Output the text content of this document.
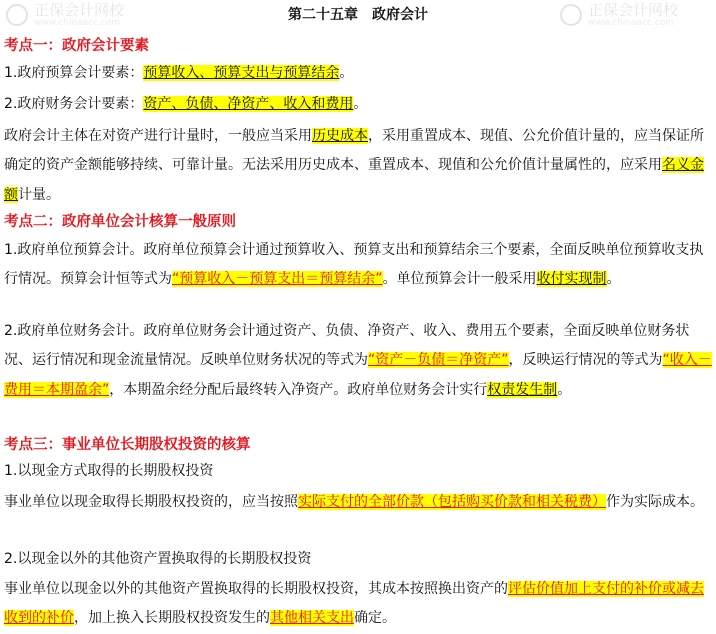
正保会计网校
www.chinaacc.com
正保会计网校
www.chinaacc.com
第二十五章　政府会计
考点一：政府会计要素
1.政府预算会计要素：预算收入、预算支出与预算结余。
2.政府财务会计要素：资产、负债、净资产、收入和费用。
政府会计主体在对资产进行计量时，一般应当采用历史成本，采用重置成本、现值、公允价值计量的，应当保证所确定的资产金额能够持续、可靠计量。无法采用历史成本、重置成本、现值和公允价值计量属性的，应采用名义金额计量。
考点二：政府单位会计核算一般原则
1.政府单位预算会计。政府单位预算会计通过预算收入、预算支出和预算结余三个要素，全面反映单位预算收支执行情况。预算会计恒等式为“预算收入－预算支出＝预算结余”。单位预算会计一般采用收付实现制。
2.政府单位财务会计。政府单位财务会计通过资产、负债、净资产、收入、费用五个要素，全面反映单位财务状况、运行情况和现金流量情况。反映单位财务状况的等式为“资产－负债＝净资产”，反映运行情况的等式为“收入－费用＝本期盈余”，本期盈余经分配后最终转入净资产。政府单位财务会计实行权责发生制。
考点三：事业单位长期股权投资的核算
1.以现金方式取得的长期股权投资
事业单位以现金取得长期股权投资的，应当按照实际支付的全部价款（包括购买价款和相关税费）作为实际成本。
2.以现金以外的其他资产置换取得的长期股权投资
事业单位以现金以外的其他资产置换取得的长期股权投资，其成本按照换出资产的评估价值加上支付的补价或减去收到的补价，加上换入长期股权投资发生的其他相关支出确定。
